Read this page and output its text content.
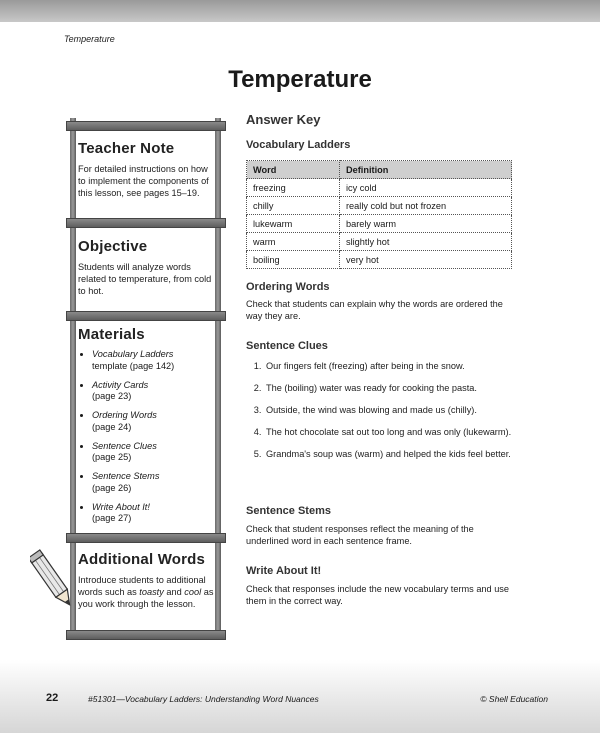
Temperature
Temperature
Teacher Note

For detailed instructions on how to implement the components of this lesson, see pages 15–19.

Objective

Students will analyze words related to temperature, from cold to hot.

Materials
• Vocabulary Ladders
template (page 142)
• Activity Cards
(page 23)
• Ordering Words
(page 24)
• Sentence Clues
(page 25)
• Sentence Stems
(page 26)
• Write About It!
(page 27)
Additional Words

Introduce students to additional words such as toasty and cool as you work through the lesson.

Answer Key
Vocabulary Ladders
Word	Definition
freezing	icy cold
chilly	really cold but not frozen
lukewarm	barely warm
warm	slightly hot
boiling	very hot
Ordering Words
Check that students can explain why the words are ordered the way they are.
Sentence Clues
1. Our fingers felt (freezing) after being in the snow.
2. The (boiling) water was ready for cooking the pasta.
3. Outside, the wind was blowing and made us (chilly).
4. The hot chocolate sat out too long and was only (lukewarm).
5. Grandma's soup was (warm) and helped the kids feel better.
Sentence Stems
Check that student responses reflect the meaning of the underlined word in each sentence frame.
Write About It!
Check that responses include the new vocabulary terms and use them in the correct way.
22	#51301—Vocabulary Ladders: Understanding Word Nuances	© Shell Education
